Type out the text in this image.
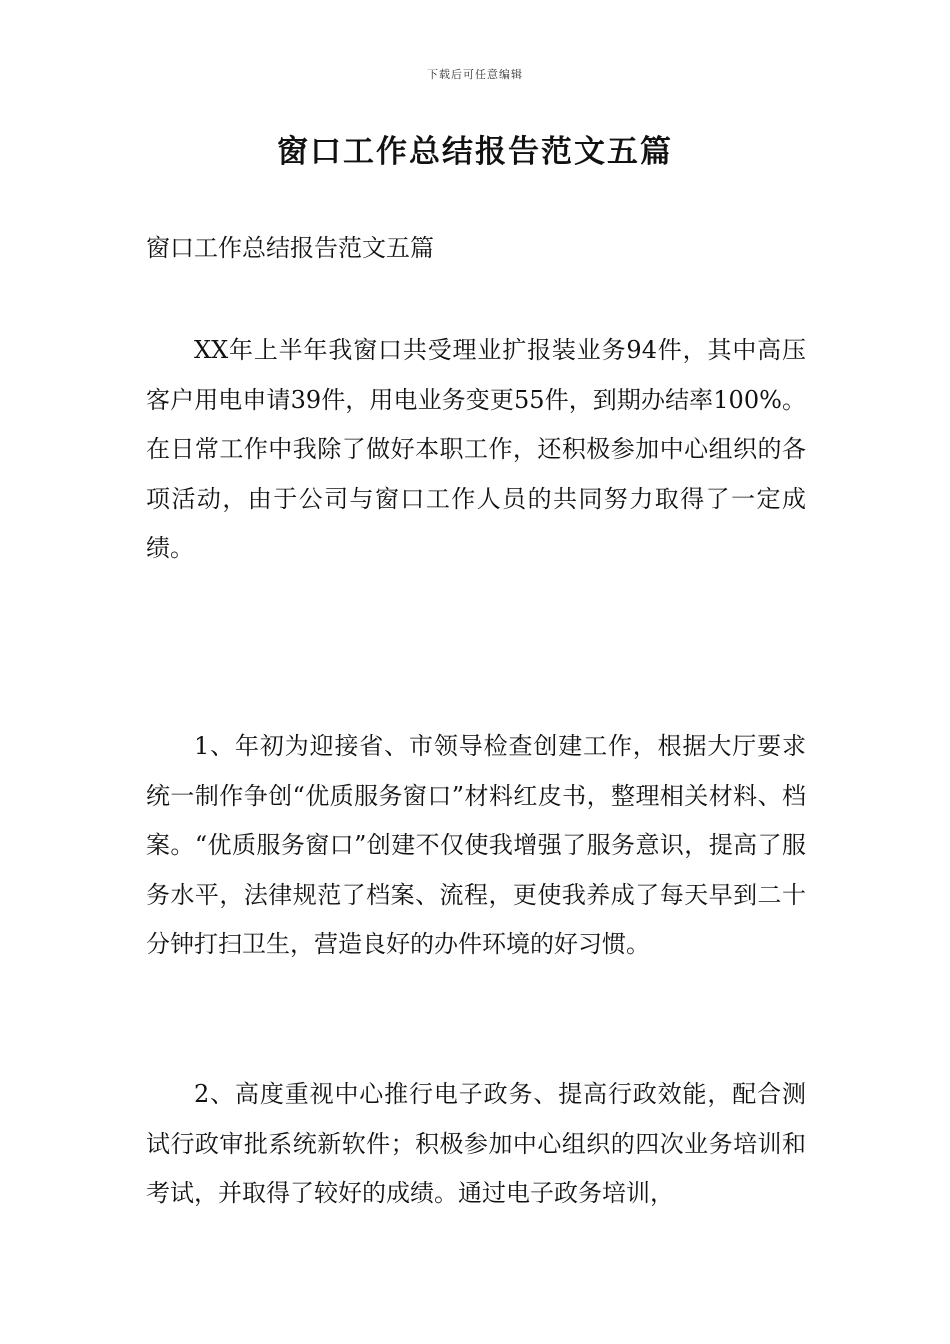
下载后可任意编辑
窗口工作总结报告范文五篇

窗口工作总结报告范文五篇

XX年上半年我窗口共受理业扩报装业务94件，其中高压客户用电申请39件，用电业务变更55件，到期办结率100%。在日常工作中我除了做好本职工作，还积极参加中心组织的各项活动，由于公司与窗口工作人员的共同努力取得了一定成绩。

1、年初为迎接省、市领导检查创建工作，根据大厅要求统一制作争创“优质服务窗口”材料红皮书，整理相关材料、档案。“优质服务窗口”创建不仅使我增强了服务意识，提高了服务水平，法律规范了档案、流程，更使我养成了每天早到二十分钟打扫卫生，营造良好的办件环境的好习惯。

2、高度重视中心推行电子政务、提高行政效能，配合测试行政审批系统新软件；积极参加中心组织的四次业务培训和考试，并取得了较好的成绩。通过电子政务培训，
